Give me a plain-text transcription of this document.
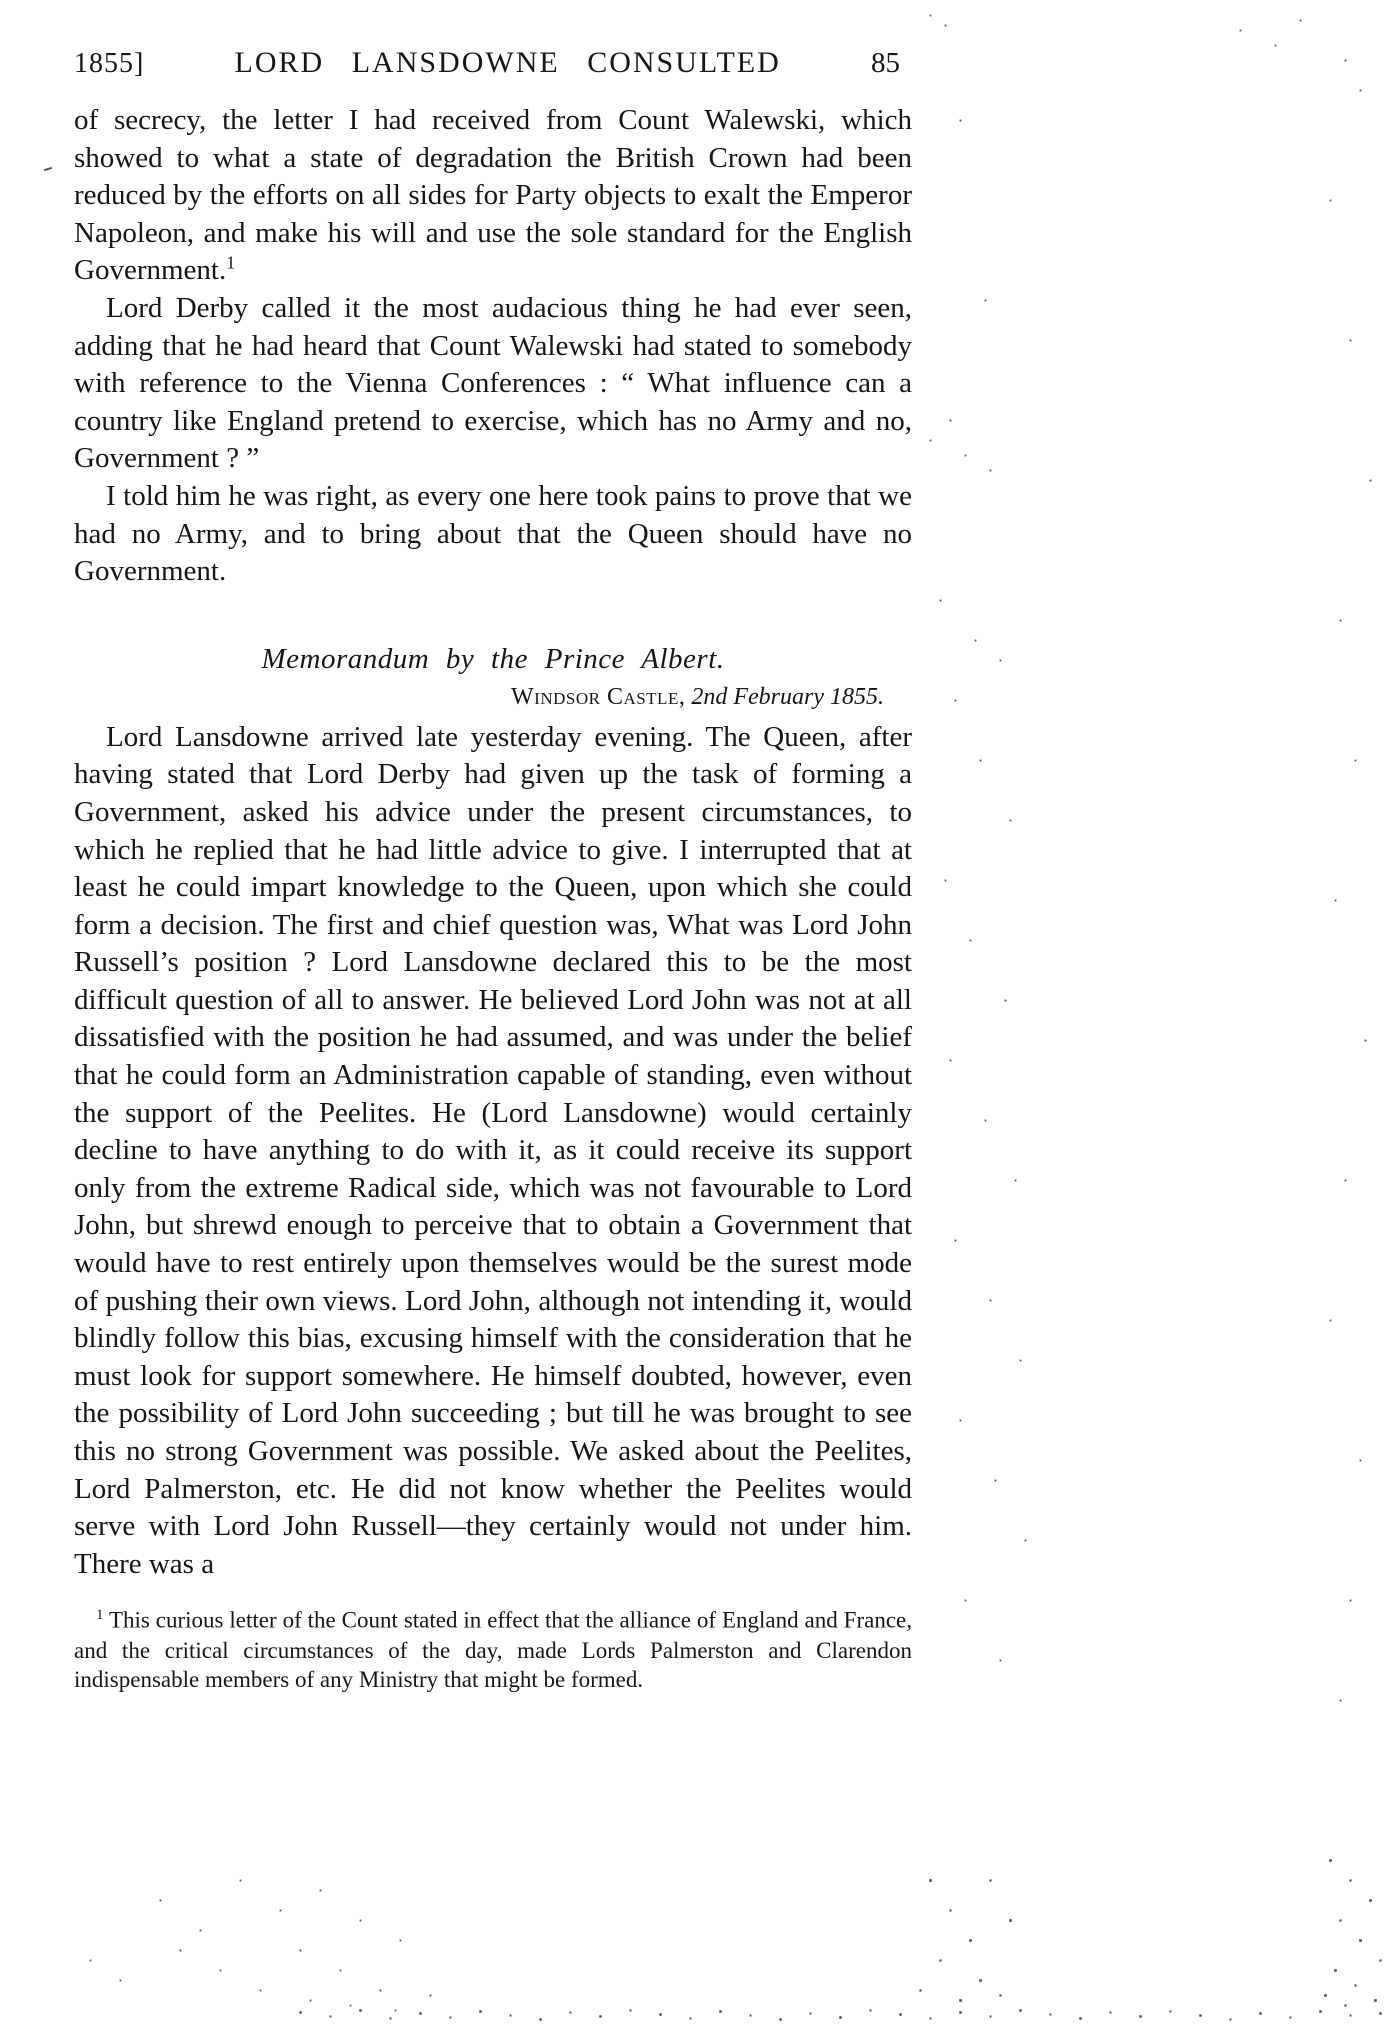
1855]	LORD LANSDOWNE CONSULTED	85

of secrecy, the letter I had received from Count Walewski, which showed to what a state of degradation the British Crown had been reduced by the efforts on all sides for Party objects to exalt the Emperor Napoleon, and make his will and use the sole standard for the English Government.$^1$

Lord Derby called it the most audacious thing he had ever seen, adding that he had heard that Count Walewski had stated to somebody with reference to the Vienna Conferences : “ What influence can a country like England pretend to exercise, which has no Army and no, Government ? ”

I told him he was right, as every one here took pains to prove that we had no Army, and to bring about that the Queen should have no Government.

Memorandum by the Prince Albert.
Windsor Castle, 2nd February 1855.

Lord Lansdowne arrived late yesterday evening. The Queen, after having stated that Lord Derby had given up the task of forming a Government, asked his advice under the present circumstances, to which he replied that he had little advice to give. I interrupted that at least he could impart knowledge to the Queen, upon which she could form a decision. The first and chief question was, What was Lord John Russell’s position ? Lord Lansdowne declared this to be the most difficult question of all to answer. He believed Lord John was not at all dissatisfied with the position he had assumed, and was under the belief that he could form an Administration capable of standing, even without the support of the Peelites. He (Lord Lansdowne) would certainly decline to have anything to do with it, as it could receive its support only from the extreme Radical side, which was not favourable to Lord John, but shrewd enough to perceive that to obtain a Government that would have to rest entirely upon themselves would be the surest mode of pushing their own views. Lord John, although not intending it, would blindly follow this bias, excusing himself with the consideration that he must look for support somewhere. He himself doubted, however, even the possibility of Lord John succeeding ; but till he was brought to see this no strong Government was possible. We asked about the Peelites, Lord Palmerston, etc. He did not know whether the Peelites would serve with Lord John Russell—they certainly would not under him. There was a

$^1$ This curious letter of the Count stated in effect that the alliance of England and France, and the critical circumstances of the day, made Lords Palmerston and Clarendon indispensable members of any Ministry that might be formed.
